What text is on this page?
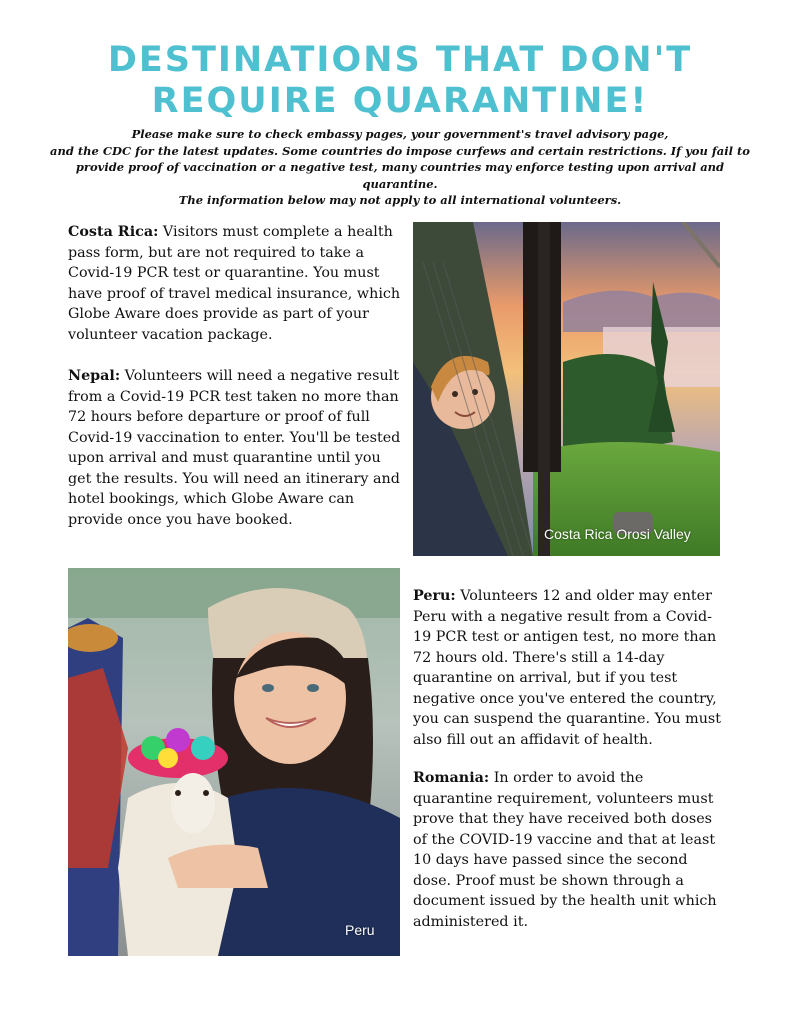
DESTINATIONS THAT DON'T
REQUIRE QUARANTINE!

Please make sure to check embassy pages, your government's travel advisory page,
and the CDC for the latest updates. Some countries do impose curfews and certain restrictions. If you fail to
provide proof of vaccination or a negative test, many countries may enforce testing upon arrival and quarantine.
The information below may not apply to all international volunteers.

Costa Rica: Visitors must complete a health pass form, but are not required to take a Covid-19 PCR test or quarantine. You must have proof of travel medical insurance, which Globe Aware does provide as part of your volunteer vacation package.

Nepal: Volunteers will need a negative result from a Covid-19 PCR test taken no more than 72 hours before departure or proof of full Covid-19 vaccination to enter. You'll be tested upon arrival and must quarantine until you get the results. You will need an itinerary and hotel bookings, which Globe Aware can provide once you have booked.

Costa Rica Orosi Valley
Peru

Peru: Volunteers 12 and older may enter Peru with a negative result from a Covid-19 PCR test or antigen test, no more than 72 hours old. There's still a 14-day quarantine on arrival, but if you test negative once you've entered the country, you can suspend the quarantine. You must also fill out an affidavit of health.

Romania: In order to avoid the quarantine requirement, volunteers must prove that they have received both doses of the COVID-19 vaccine and that at least 10 days have passed since the second dose. Proof must be shown through a document issued by the health unit which administered it.
